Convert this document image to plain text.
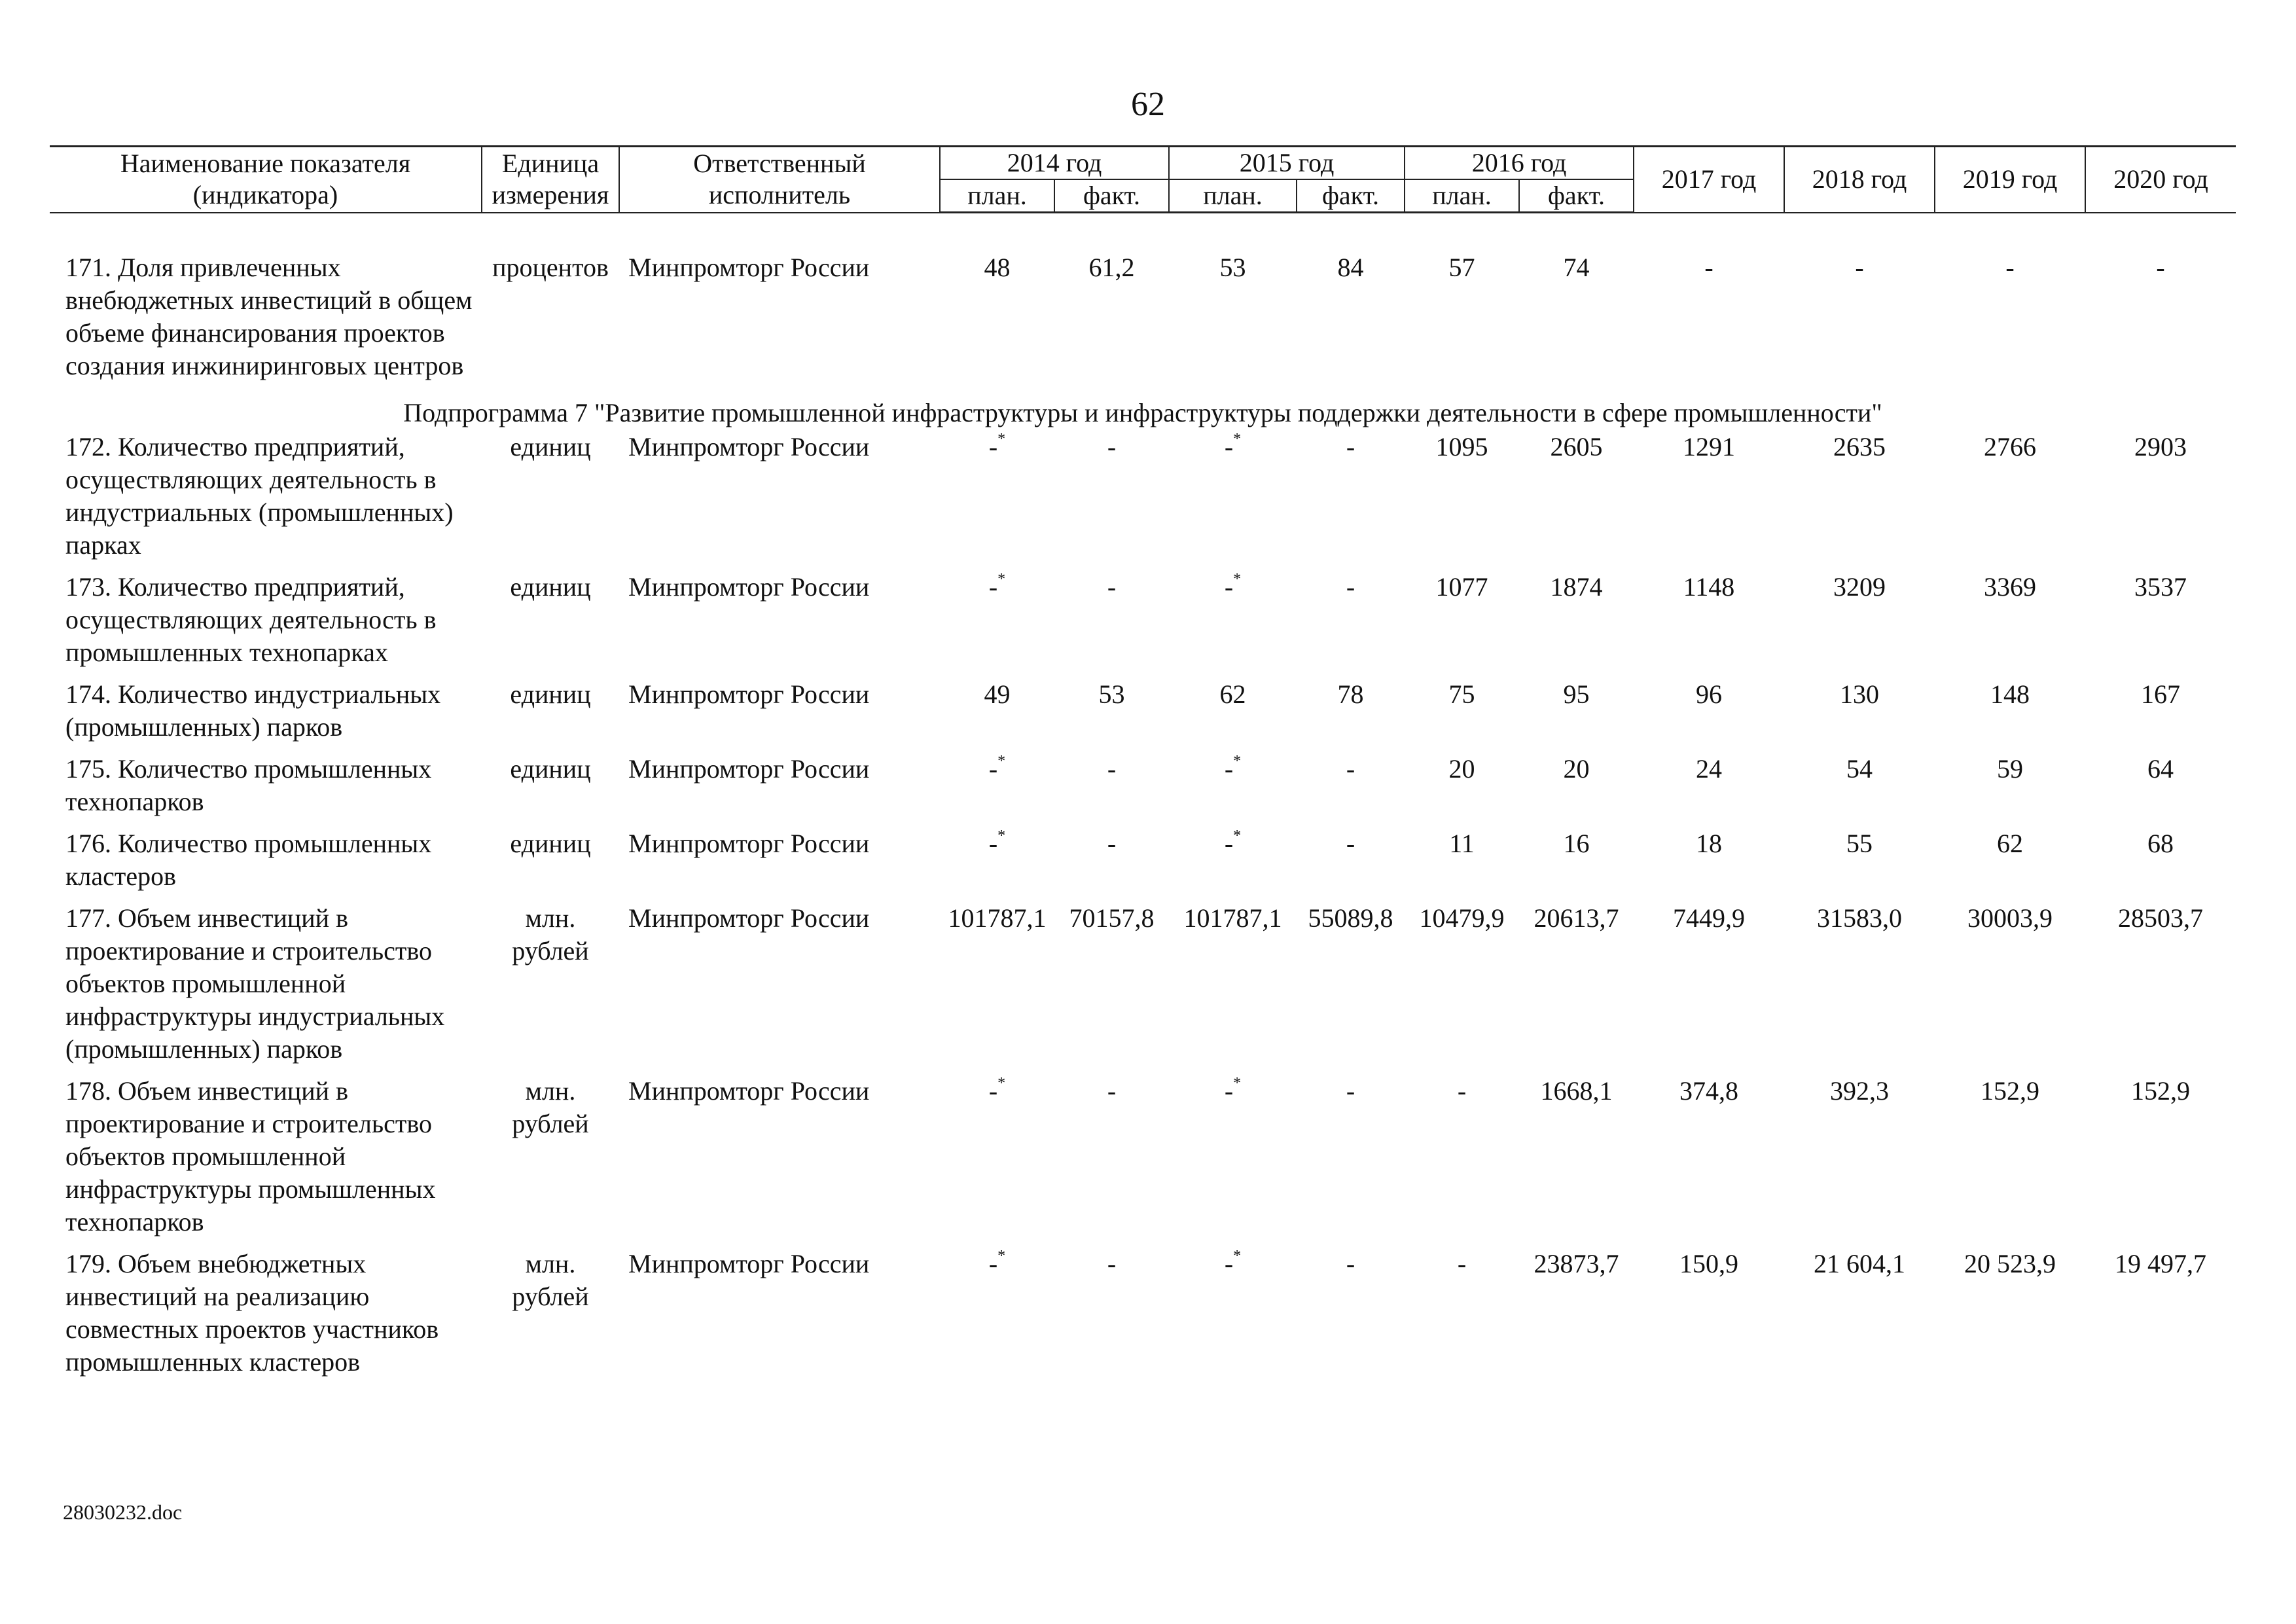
62
Наименование показателя (индикатора)	Единица измерения	Ответственный исполнитель	2014 год		2015 год		2016 год		2017 год	2018 год	2019 год	2020 год
			план.	факт.	план.	факт.	план.	факт.				

171. Доля привлеченных внебюджетных инвестиций в общем объеме финансирования проектов создания инжиниринговых центров	процентов	Минпромторг России	48	61,2	53	84	57	74	-	-	-	-
Подпрограмма 7 "Развитие промышленной инфраструктуры и инфраструктуры поддержки деятельности в сфере промышленности"												
172. Количество предприятий, осуществляющих деятельность в индустриальных (промышленных) парках	единиц	Минпромторг России	-*	-	-*	-	1095	2605	1291	2635	2766	2903
173. Количество предприятий, осуществляющих деятельность в промышленных технопарках	единиц	Минпромторг России	-*	-	-*	-	1077	1874	1148	3209	3369	3537
174. Количество индустриальных (промышленных) парков	единиц	Минпромторг России	49	53	62	78	75	95	96	130	148	167
175. Количество промышленных технопарков	единиц	Минпромторг России	-*	-	-*	-	20	20	24	54	59	64
176. Количество промышленных кластеров	единиц	Минпромторг России	-*	-	-*	-	11	16	18	55	62	68
177. Объем инвестиций в проектирование и строительство объектов промышленной инфраструктуры индустриальных (промышленных) парков	млн. рублей	Минпромторг России	101787,1	70157,8	101787,1	55089,8	10479,9	20613,7	7449,9	31583,0	30003,9	28503,7
178. Объем инвестиций в проектирование и строительство объектов промышленной инфраструктуры промышленных технопарков	млн. рублей	Минпромторг России	-*	-	-*	-	-	1668,1	374,8	392,3	152,9	152,9
179. Объем внебюджетных инвестиций на реализацию совместных проектов участников промышленных кластеров	млн. рублей	Минпромторг России	-*	-	-*	-	-	23873,7	150,9	21 604,1	20 523,9	19 497,7
28030232.doc
